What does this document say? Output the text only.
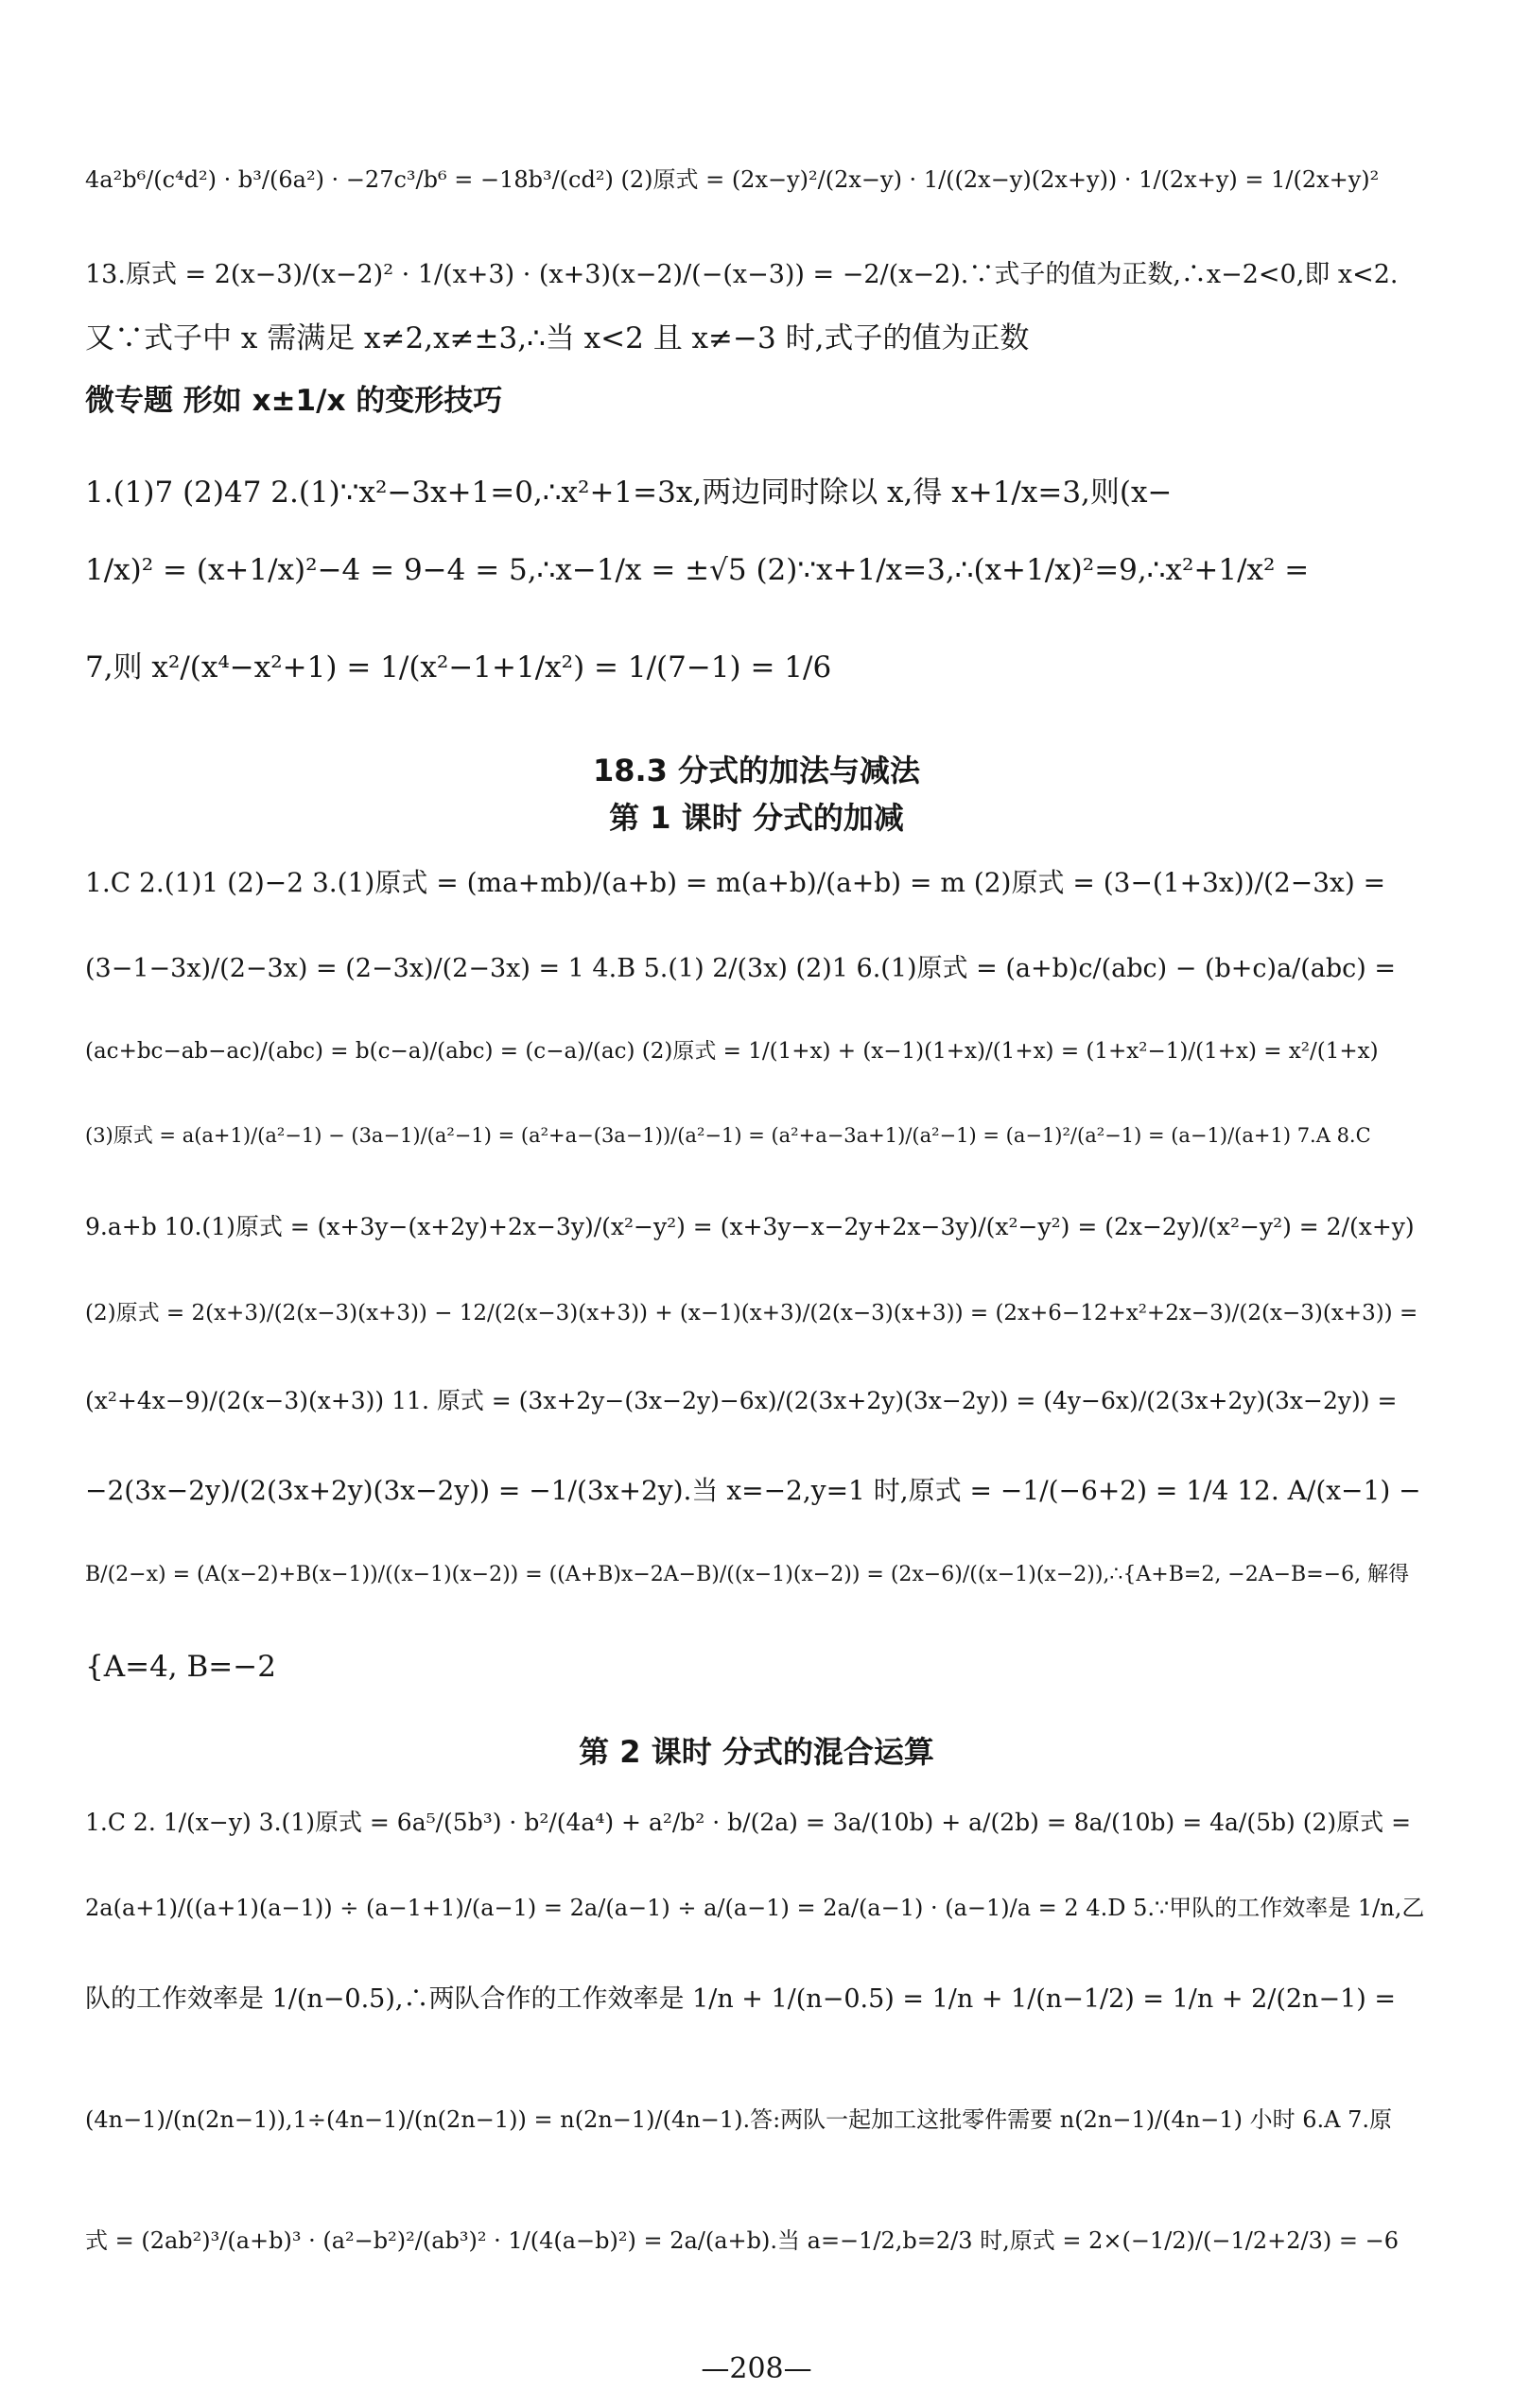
4a²b⁶/(c⁴d²) · b³/(6a²) · −27c³/b⁶ = −18b³/(cd²) (2)原式 = (2x−y)²/(2x−y) · 1/((2x−y)(2x+y)) · 1/(2x+y) = 1/(2x+y)²
13.原式 = 2(x−3)/(x−2)² · 1/(x+3) · (x+3)(x−2)/(−(x−3)) = −2/(x−2).∵式子的值为正数,∴x−2<0,即 x<2.
又∵式子中 x 需满足 x≠2,x≠±3,∴当 x<2 且 x≠−3 时,式子的值为正数
微专题 形如 x±1/x 的变形技巧
1.(1)7 (2)47 2.(1)∵x²−3x+1=0,∴x²+1=3x,两边同时除以 x,得 x+1/x=3,则(x−
1/x)² = (x+1/x)²−4 = 9−4 = 5,∴x−1/x = ±√5 (2)∵x+1/x=3,∴(x+1/x)²=9,∴x²+1/x² =
7,则 x²/(x⁴−x²+1) = 1/(x²−1+1/x²) = 1/(7−1) = 1/6
18.3 分式的加法与减法
第 1 课时 分式的加减
1.C 2.(1)1 (2)−2 3.(1)原式 = (ma+mb)/(a+b) = m(a+b)/(a+b) = m (2)原式 = (3−(1+3x))/(2−3x) =
(3−1−3x)/(2−3x) = (2−3x)/(2−3x) = 1 4.B 5.(1) 2/(3x) (2)1 6.(1)原式 = (a+b)c/(abc) − (b+c)a/(abc) =
(ac+bc−ab−ac)/(abc) = b(c−a)/(abc) = (c−a)/(ac) (2)原式 = 1/(1+x) + (x−1)(1+x)/(1+x) = (1+x²−1)/(1+x) = x²/(1+x)
(3)原式 = a(a+1)/(a²−1) − (3a−1)/(a²−1) = (a²+a−(3a−1))/(a²−1) = (a²+a−3a+1)/(a²−1) = (a−1)²/(a²−1) = (a−1)/(a+1) 7.A 8.C
9.a+b 10.(1)原式 = (x+3y−(x+2y)+2x−3y)/(x²−y²) = (x+3y−x−2y+2x−3y)/(x²−y²) = (2x−2y)/(x²−y²) = 2/(x+y)
(2)原式 = 2(x+3)/(2(x−3)(x+3)) − 12/(2(x−3)(x+3)) + (x−1)(x+3)/(2(x−3)(x+3)) = (2x+6−12+x²+2x−3)/(2(x−3)(x+3)) =
(x²+4x−9)/(2(x−3)(x+3)) 11. 原式 = (3x+2y−(3x−2y)−6x)/(2(3x+2y)(3x−2y)) = (4y−6x)/(2(3x+2y)(3x−2y)) =
−2(3x−2y)/(2(3x+2y)(3x−2y)) = −1/(3x+2y).当 x=−2,y=1 时,原式 = −1/(−6+2) = 1/4 12. A/(x−1) −
B/(2−x) = (A(x−2)+B(x−1))/((x−1)(x−2)) = ((A+B)x−2A−B)/((x−1)(x−2)) = (2x−6)/((x−1)(x−2)),∴{A+B=2, −2A−B=−6, 解得
{A=4, B=−2
第 2 课时 分式的混合运算
1.C 2. 1/(x−y) 3.(1)原式 = 6a⁵/(5b³) · b²/(4a⁴) + a²/b² · b/(2a) = 3a/(10b) + a/(2b) = 8a/(10b) = 4a/(5b) (2)原式 =
2a(a+1)/((a+1)(a−1)) ÷ (a−1+1)/(a−1) = 2a/(a−1) ÷ a/(a−1) = 2a/(a−1) · (a−1)/a = 2 4.D 5.∵甲队的工作效率是 1/n,乙
队的工作效率是 1/(n−0.5),∴两队合作的工作效率是 1/n + 1/(n−0.5) = 1/n + 1/(n−1/2) = 1/n + 2/(2n−1) =
(4n−1)/(n(2n−1)),1÷(4n−1)/(n(2n−1)) = n(2n−1)/(4n−1).答:两队一起加工这批零件需要 n(2n−1)/(4n−1) 小时 6.A 7.原
式 = (2ab²)³/(a+b)³ · (a²−b²)²/(ab³)² · 1/(4(a−b)²) = 2a/(a+b).当 a=−1/2,b=2/3 时,原式 = 2×(−1/2)/(−1/2+2/3) = −6
—208—
